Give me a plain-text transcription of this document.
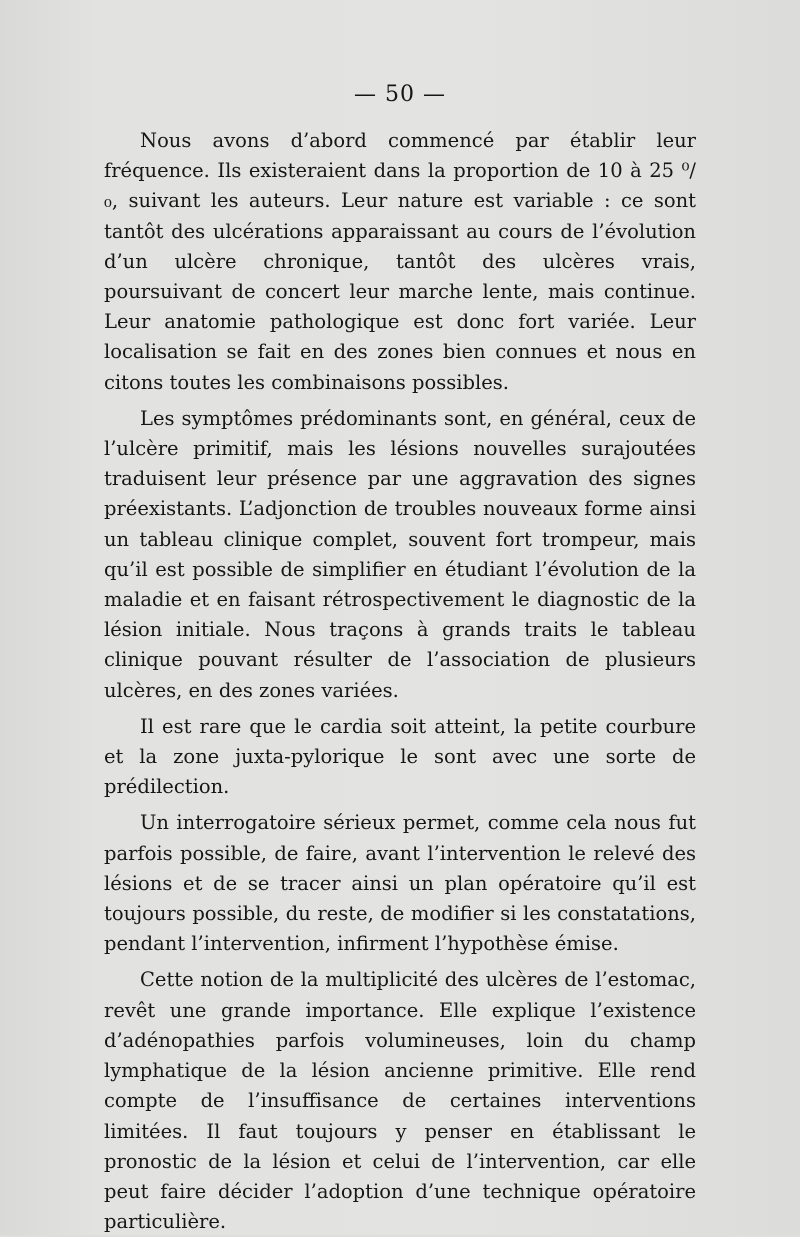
— 50 —

Nous avons d’abord commencé par établir leur fréquence. Ils existeraient dans la proportion de 10 à 25 ⁰/₀, suivant les auteurs. Leur nature est variable : ce sont tantôt des ulcérations apparaissant au cours de l’évolution d’un ulcère chronique, tantôt des ulcères vrais, poursuivant de concert leur marche lente, mais continue. Leur anatomie pathologique est donc fort variée. Leur localisation se fait en des zones bien connues et nous en citons toutes les combinaisons possibles.

Les symptômes prédominants sont, en général, ceux de l’ulcère primitif, mais les lésions nouvelles surajoutées traduisent leur présence par une aggravation des signes préexistants. L’adjonction de troubles nouveaux forme ainsi un tableau clinique complet, souvent fort trompeur, mais qu’il est possible de simplifier en étudiant l’évolution de la maladie et en faisant rétrospectivement le diagnostic de la lésion initiale. Nous traçons à grands traits le tableau clinique pouvant résulter de l’association de plusieurs ulcères, en des zones variées.

Il est rare que le cardia soit atteint, la petite courbure et la zone juxta-pylorique le sont avec une sorte de prédilection.

Un interrogatoire sérieux permet, comme cela nous fut parfois possible, de faire, avant l’intervention le relevé des lésions et de se tracer ainsi un plan opératoire qu’il est toujours possible, du reste, de modifier si les constatations, pendant l’intervention, infirment l’hypothèse émise.

Cette notion de la multiplicité des ulcères de l’estomac, revêt une grande importance. Elle explique l’existence d’adénopathies parfois volumineuses, loin du champ lymphatique de la lésion ancienne primitive. Elle rend compte de l’insuffisance de certaines interventions limitées. Il faut toujours y penser en établissant le pronostic de la lésion et celui de l’intervention, car elle peut faire décider l’adoption d’une technique opératoire particulière.
